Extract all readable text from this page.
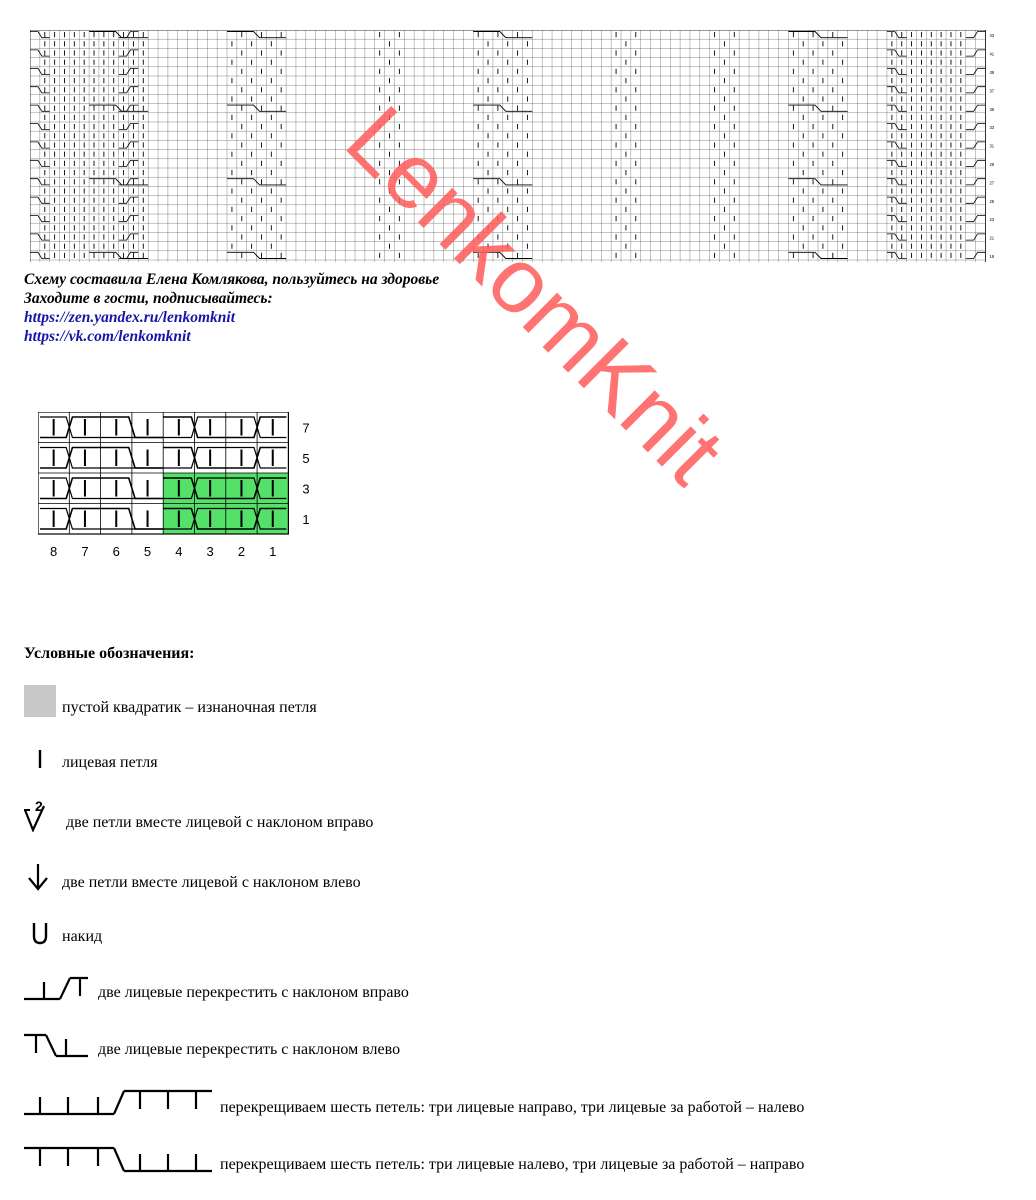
43
41
39
37
35
33
31
29
27
25
23
21
19
Схему составила Елена Комлякова, пользуйтесь на здоровье
Заходите в гости, подписывайтесь:
https://zen.yandex.ru/lenkomknit
https://vk.com/lenkomknit
8 7 6 5 4 3 2 1
7
5
3
1
LenkomKnit
Условные обозначения:
пустой квадратик – изнаночная петля
лицевая петля
2
две петли вместе лицевой с наклоном вправо
две петли вместе лицевой с наклоном влево
накид
две лицевые перекрестить с наклоном вправо
две лицевые перекрестить с наклоном влево
перекрещиваем шесть петель: три лицевые направо, три лицевые за работой – налево
перекрещиваем шесть петель: три лицевые налево, три лицевые за работой – направо
